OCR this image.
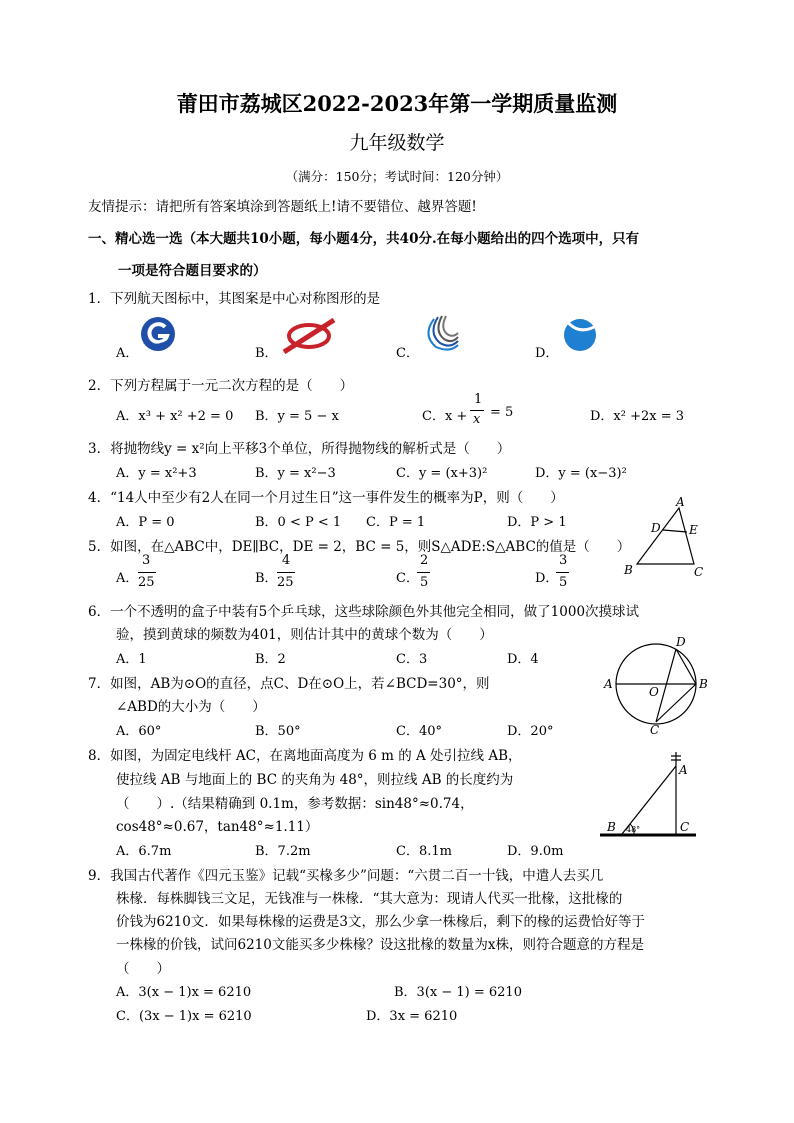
莆田市荔城区2022-2023年第一学期质量监测
九年级数学
（满分：150分；考试时间：120分钟）
友情提示：请把所有答案填涂到答题纸上!请不要错位、越界答题!
一、精心选一选（本大题共10小题，每小题4分，共40分.在每小题给出的四个选项中，只有
一项是符合题目要求的）
1．下列航天图标中，其图案是中心对称图形的是
A．	B．	C．	D．
2．下列方程属于一元二次方程的是（　　）
A．x³ + x² +2 = 0 B．y = 5 − x	C．x +
1
x = 5	D．x² +2x = 3
3．将抛物线y = x²向上平移3个单位，所得抛物线的解析式是（　　）
A．y = x²+3	B．y = x²−3	C．y = (x+3)²	D．y = (x−3)²
4．“14人中至少有2人在同一个月过生日”这一事件发生的概率为P，则（　　）
A．P = 0	B．0 < P < 1 C．P = 1	D．P > 1
5．如图，在△ABC中，DE∥BC，DE = 2，BC = 5，则S△ADE:S△ABC的值是（　　）
A．
3
25	B．
4
25	C．
2
5	D．
3
5
A
D E
B	C
6．一个不透明的盒子中装有5个乒乓球，这些球除颜色外其他完全相同，做了1000次摸球试
验，摸到黄球的频数为401，则估计其中的黄球个数为（　　）
A．1	B．2	C．3	D．4
7．如图，AB为⊙O的直径，点C、D在⊙O上，若∠BCD=30°，则
∠ABD的大小为（　　）
A．60°	B．50°	C．40°	D．20°
A	B
D
C
O
8．如图，为固定电线杆 AC，在离地面高度为 6 m 的 A 处引拉线 AB，
使拉线 AB 与地面上的 BC 的夹角为 48°，则拉线 AB 的长度约为
（　　）.（结果精确到 0.1m，参考数据：sin48°≈0.74，
cos48°≈0.67，tan48°≈1.11）
A．6.7m	B．7.2m	C．8.1m	D．9.0m
A
B	C
48°
9．我国古代著作《四元玉鉴》记载“买椽多少”问题：“六贯二百一十钱，中遣人去买几
株椽．每株脚钱三文足，无钱准与一株椽．“其大意为：现请人代买一批椽，这批椽的
价钱为6210文．如果每株椽的运费是3文，那么少拿一株椽后，剩下的椽的运费恰好等于
一株椽的价钱，试问6210文能买多少株椽？设这批椽的数量为x株，则符合题意的方程是
（　　）
A．3(x − 1)x = 6210	B．3(x − 1) = 6210
C．(3x − 1)x = 6210	D．3x = 6210
